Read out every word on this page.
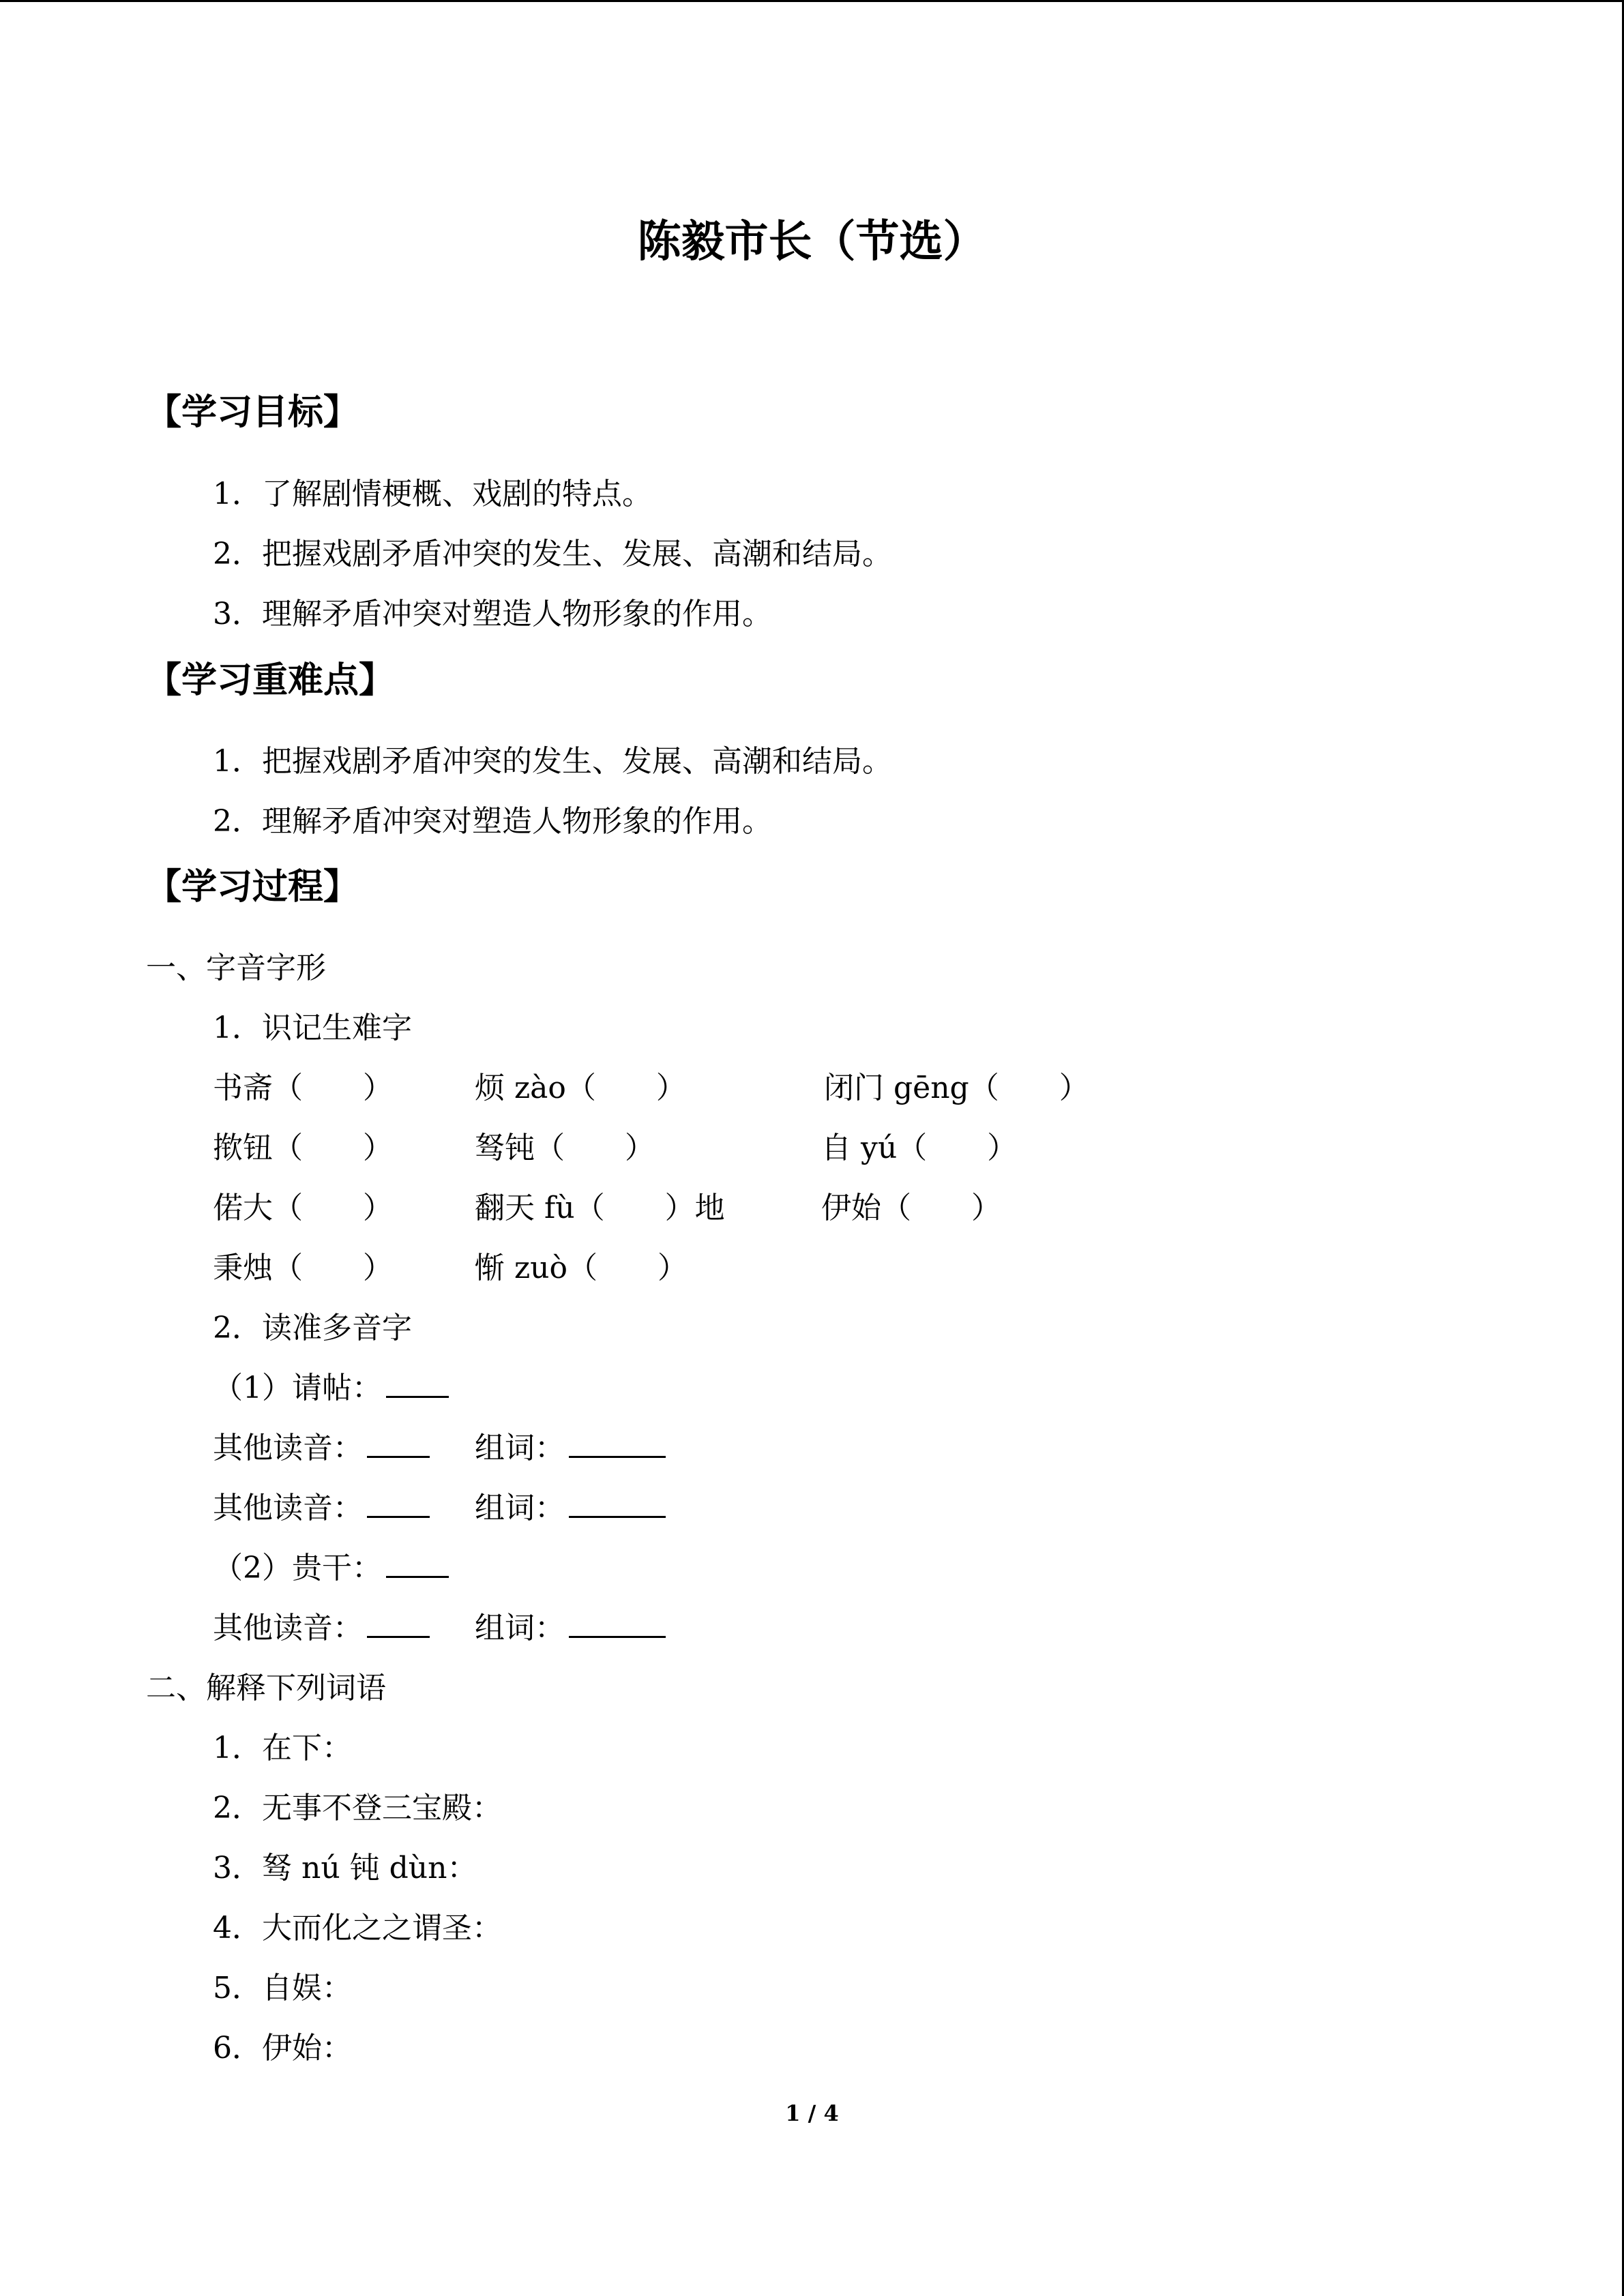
陈毅市长（节选）
【学习目标】
1．了解剧情梗概、戏剧的特点。
2．把握戏剧矛盾冲突的发生、发展、高潮和结局。
3．理解矛盾冲突对塑造人物形象的作用。
【学习重难点】
1．把握戏剧矛盾冲突的发生、发展、高潮和结局。
2．理解矛盾冲突对塑造人物形象的作用。
【学习过程】
一、字音字形
1．识记生难字
书斋（　　）	烦 zào（　　）	闭门 gēng（　　）
揿钮（　　）	驽钝（　　）	自 yú（　　）
偌大（　　）	翻天 fù（　　）地	伊始（　　）
秉烛（　　）	惭 zuò（　　）
2．读准多音字
（1）请帖：
其他读音：	组词：
其他读音：	组词：
（2）贵干：
其他读音：	组词：
二、解释下列词语
1．在下：
2．无事不登三宝殿：
3．驽 nú 钝 dùn：
4．大而化之之谓圣：
5．自娱：
6．伊始：
1 / 4
